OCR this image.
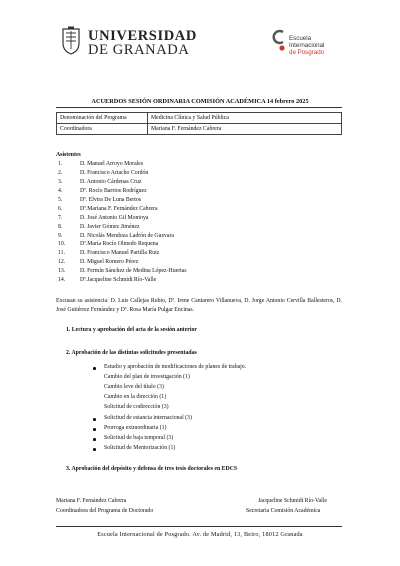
UNIVERSIDAD
DE GRANADA
Escuela
Internacional
de Posgrado
ACUERDOS SESIÓN ORDINARIA COMISIÓN ACADÉMICA 14 febrero 2025
Denominación del Programa	Medicina Clínica y Salud Pública
Coordinadora	Mariana F. Fernández Cabrera
Asistentes
1.	D. Manuel Arroyo Morales
2.	D. Francisco Artacho Cordón
3.	D. Antonio Cárdenas Cruz
4.	Dª. Rocío Barrios Rodríguez
5.	Dª. Elvira De Luna Bertos
6.	Dª.Mariana F. Fernández Cabrera
7.	D. José Antonio Gil Montoya
8.	D. Javier Gómez Jiménez
9.	D. Nicolás Mendoza Ladrón de Guevara
10.	Dª.María Rocío Olmedo Requena
11.	D. Francisco Manuel Partilla Ruiz
12.	D. Miguel Romero Pérez
13.	D. Fermín Sánchez de Medina López-Huertas
14.	Dª.Jacqueline Schmidt Río-Valle
Excusan su asistencia: D. Luis Callejas Rubio, Dª. Irene Cantarero Villanueva, D. Jorge Antonio Cervilla Ballesteros, D. José Gutiérrez Fernández y Dª. Rosa María Pulgar Encinas.
1. Lectura y aprobación del acta de la sesión anterior
2. Aprobación de las distintas solicitudes presentadas
Estudio y aprobación de modificaciones de planes de trabajo.
Cambio del plan de investigación (1)
Cambio leve del título (3)
Cambio en la dirección (1)
Solicitud de codirección (3)
Solicitud de estancia internacional (3)
Prorroga extraordinaria (1)
Solicitud de baja temporal (3)
Solicitud de Mentorización (1)
3. Aprobación del depósito y defensa de tres tesis doctorales en EDCS
Mariana F. Fernández Cabrera
Coordinadora del Programa de Doctorado
Jacqueline Schmidt Río-Valle
Secretaria Comisión Académica
Escuela Internacional de Posgrado. Av. de Madrid, 13, Beiro, 18012 Granada
